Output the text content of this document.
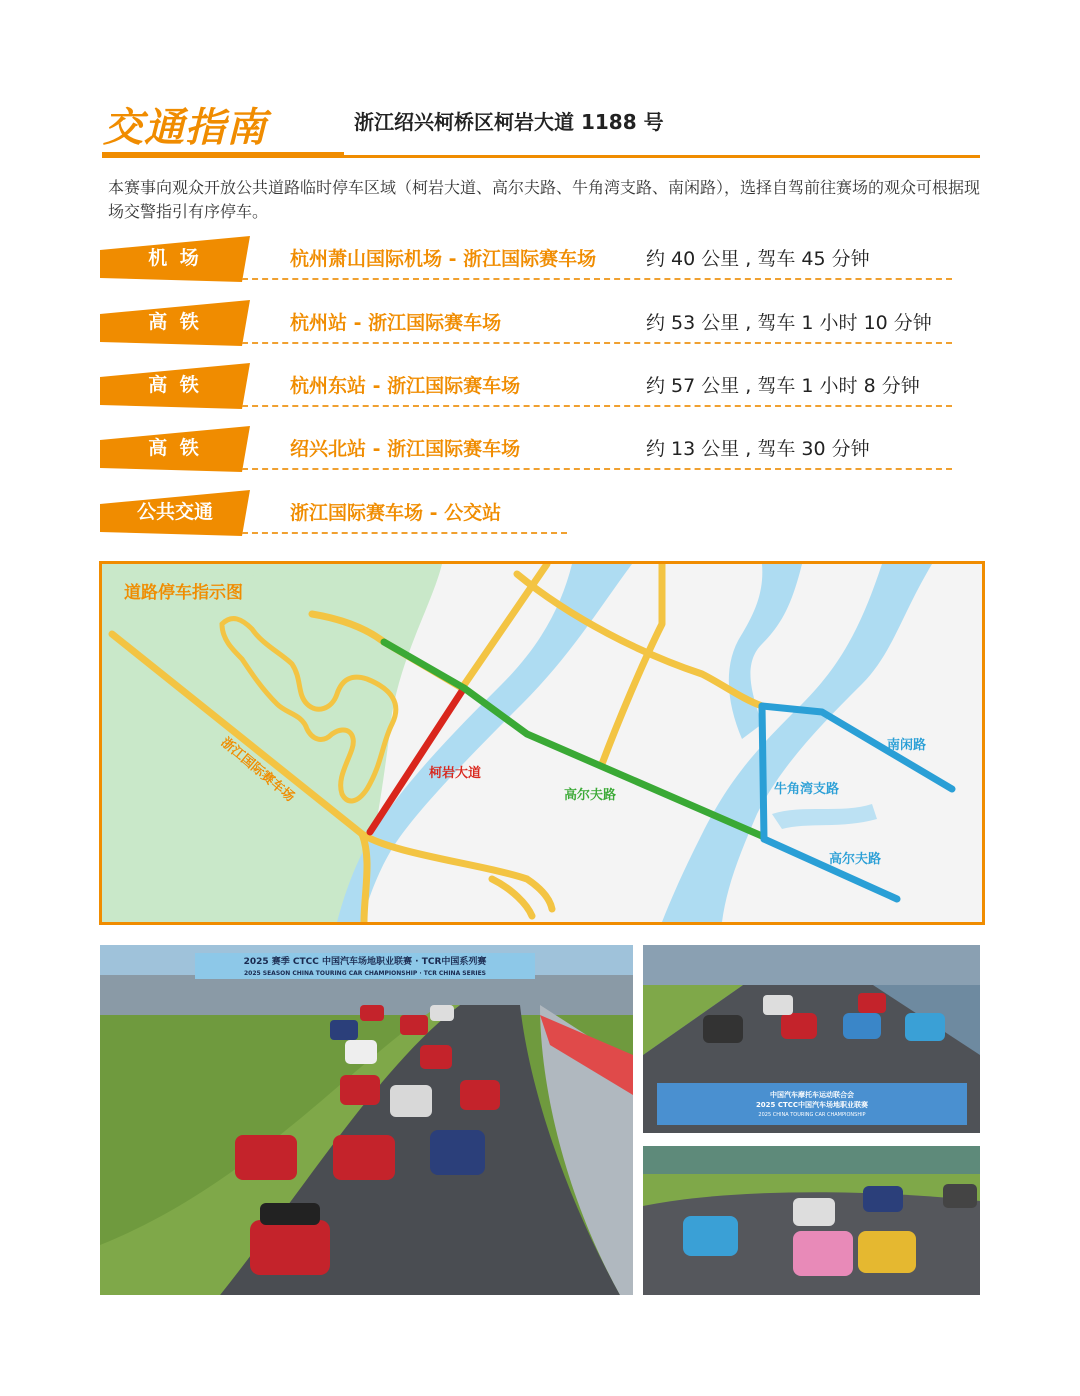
交通指南	浙江绍兴柯桥区柯岩大道 1188 号
本赛事向观众开放公共道路临时停车区域（柯岩大道、高尔夫路、牛角湾支路、南闲路），选择自驾前往赛场的观众可根据现场交警指引有序停车。
机 场	杭州萧山国际机场 - 浙江国际赛车场	约 40 公里 , 驾车 45 分钟
高 铁	杭州站 - 浙江国际赛车场	约 53 公里 , 驾车 1 小时 10 分钟
高 铁	杭州东站 - 浙江国际赛车场	约 57 公里 , 驾车 1 小时 8 分钟
高 铁	绍兴北站 - 浙江国际赛车场	约 13 公里 , 驾车 30 分钟
公共交通	浙江国际赛车场 - 公交站
道路停车指示图
浙江国际赛车场	柯岩大道
高尔夫路	牛角湾支路
南闲路
高尔夫路
2025 赛季 CTCC 中国汽车场地职业联赛 · TCR中国系列赛
2025 SEASON CHINA TOURING CAR CHAMPIONSHIP · TCR CHINA SERIES
中国汽车摩托车运动联合会
2025 CTCC中国汽车场地职业联赛
2025 CHINA TOURING CAR CHAMPIONSHIP
